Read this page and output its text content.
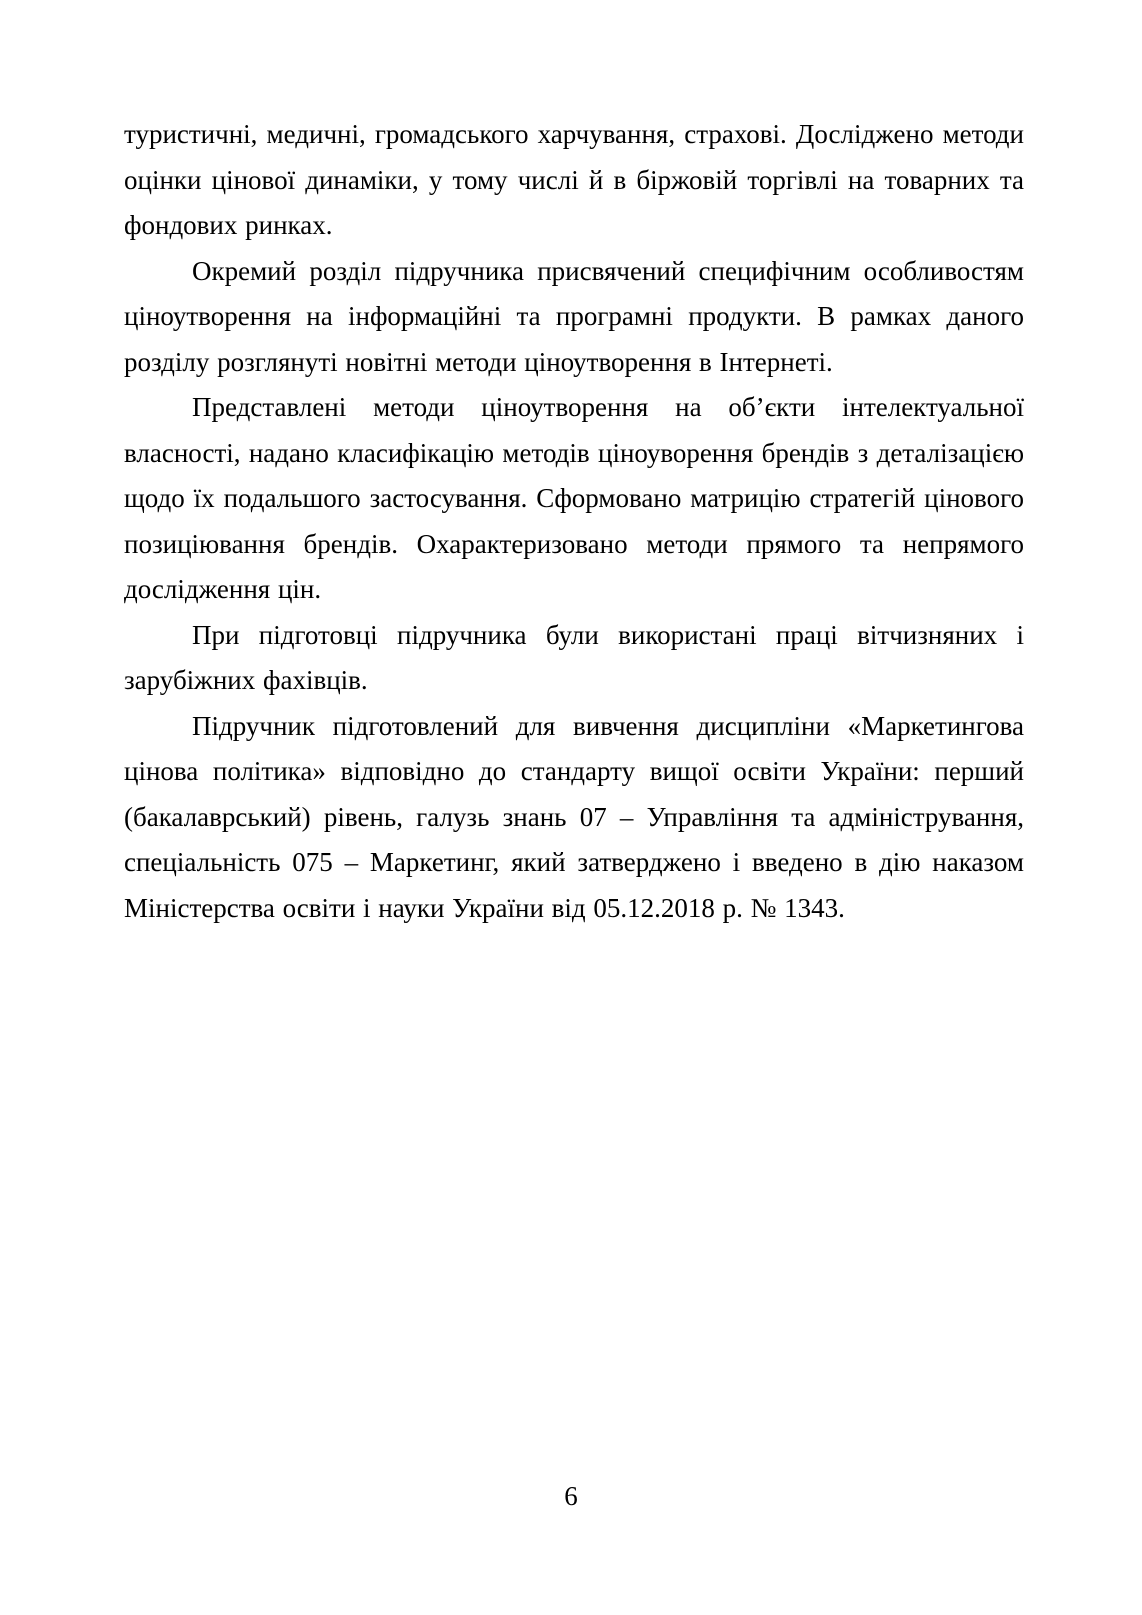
туристичні, медичні, громадського харчування, страхові. Досліджено методи оцінки цінової динаміки, у тому числі й в біржовій торгівлі на товарних та фондових ринках.

Окремий розділ підручника присвячений специфічним особливостям ціноутворення на інформаційні та програмні продукти. В рамках даного розділу розглянуті новітні методи ціноутворення в Інтернеті.

Представлені методи ціноутворення на об’єкти інтелектуальної власності, надано класифікацію методів ціноуворення брендів з деталізацією щодо їх подальшого застосування. Сформовано матрицію стратегій цінового позиціювання брендів. Охарактеризовано методи прямого та непрямого дослідження цін.

При підготовці підручника були використані праці вітчизняних і зарубіжних фахівців.

Підручник підготовлений для вивчення дисципліни «Маркетингова цінова політика» відповідно до стандарту вищої освіти України: перший (бакалаврський) рівень, галузь знань 07 – Управління та адміністрування, спеціальність 075 – Маркетинг, який затверджено і введено в дію наказом Міністерства освіти і науки України від 05.12.2018 р. № 1343.

6
